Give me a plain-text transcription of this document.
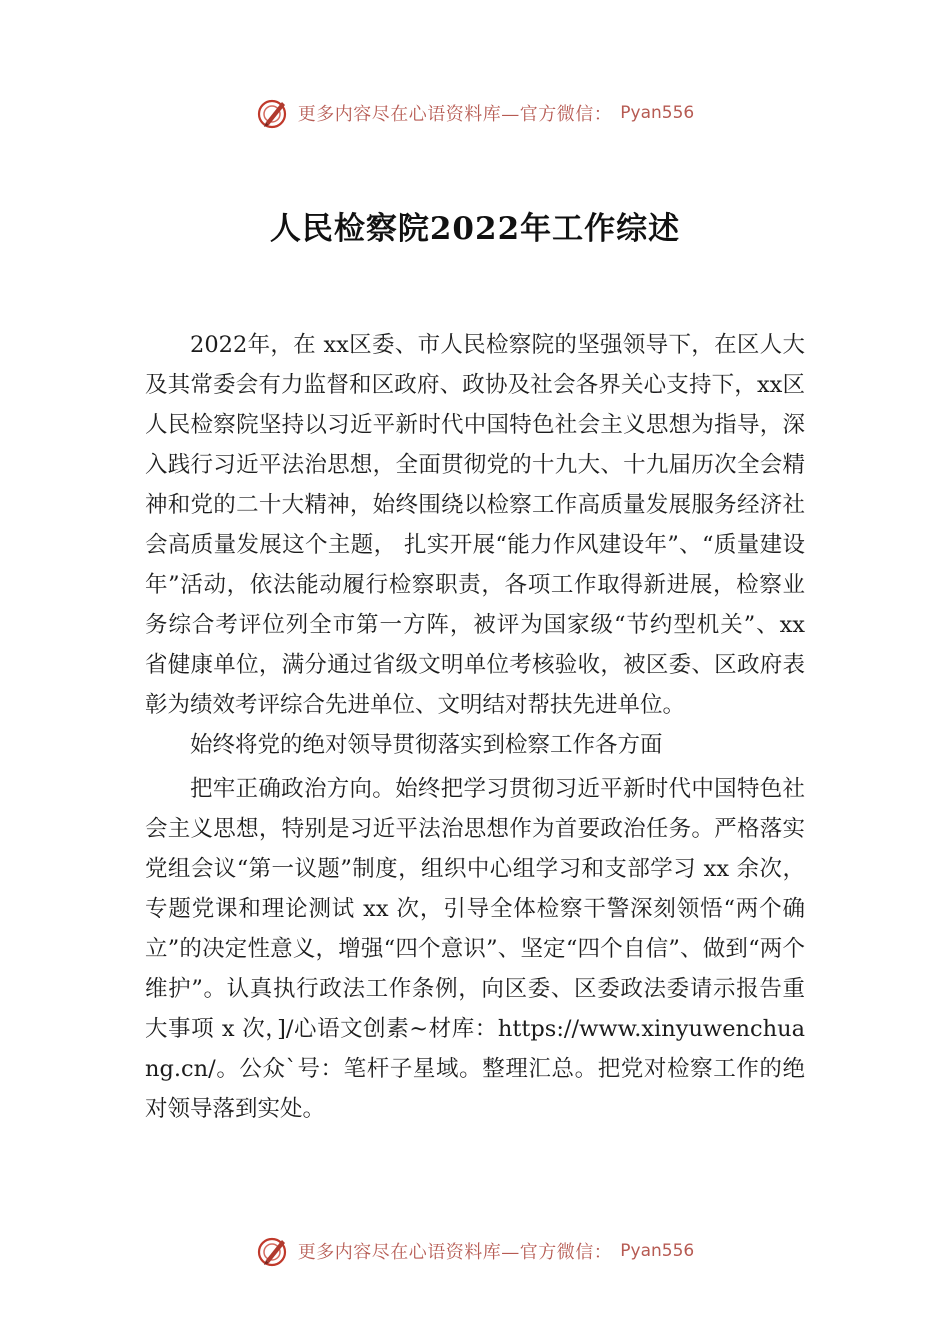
更多内容尽在心语资料库—官方微信： Pyan556
人民检察院2022年工作综述

2022年，在 xx区委、市人民检察院的坚强领导下，在区人大及其常委会有力监督和区政府、政协及社会各界关心支持下，xx区人民检察院坚持以习近平新时代中国特色社会主义思想为指导，深入践行习近平法治思想，全面贯彻党的十九大、十九届历次全会精神和党的二十大精神，始终围绕以检察工作高质量发展服务经济社会高质量发展这个主题， 扎实开展“能力作风建设年”、“质量建设年”活动，依法能动履行检察职责，各项工作取得新进展，检察业务综合考评位列全市第一方阵，被评为国家级“节约型机关”、xx 省健康单位，满分通过省级文明单位考核验收，被区委、区政府表彰为绩效考评综合先进单位、文明结对帮扶先进单位。

始终将党的绝对领导贯彻落实到检察工作各方面

把牢正确政治方向。始终把学习贯彻习近平新时代中国特色社会主义思想，特别是习近平法治思想作为首要政治任务。严格落实党组会议“第一议题”制度，组织中心组学习和支部学习 xx 余次，专题党课和理论测试 xx 次，引导全体检察干警深刻领悟“两个确立”的决定性意义，增强“四个意识”、坚定“四个自信”、做到“两个维护”。认真执行政法工作条例，向区委、区委政法委请示报告重大事项 x 次，]/心语文创素~材库：https://www.xinyuwenchuang.cn/。公众`号：笔杆子星域。整理汇总。把党对检察工作的绝对领导落到实处。

更多内容尽在心语资料库—官方微信： Pyan556
